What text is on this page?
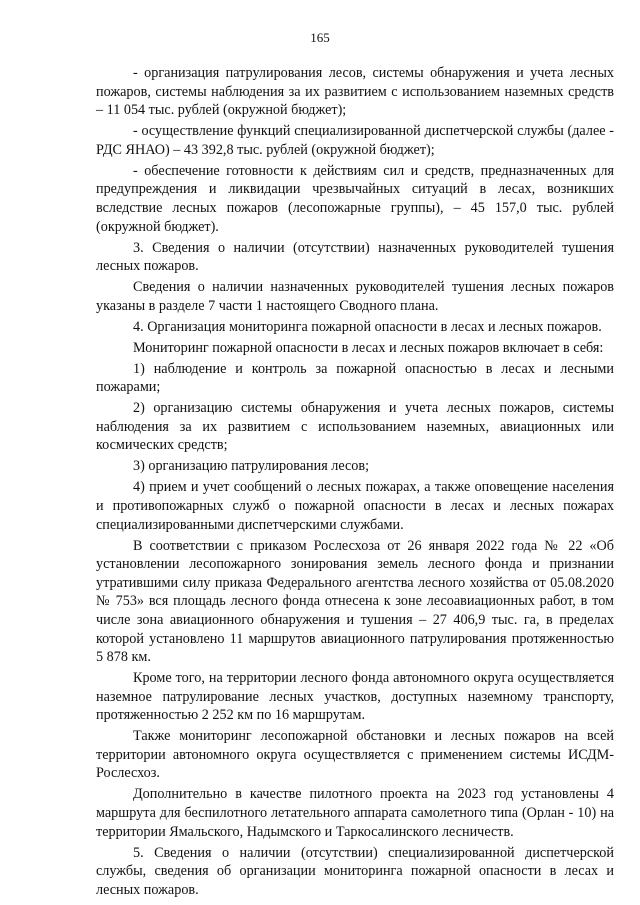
165

- организация патрулирования лесов, системы обнаружения и учета лесных пожаров, системы наблюдения за их развитием с использованием наземных средств – 11 054 тыс. рублей (окружной бюджет);

- осуществление функций специализированной диспетчерской службы (далее - РДС ЯНАО) – 43 392,8 тыс. рублей (окружной бюджет);

- обеспечение готовности к действиям сил и средств, предназначенных для предупреждения и ликвидации чрезвычайных ситуаций в лесах, возникших вследствие лесных пожаров (лесопожарные группы), – 45 157,0 тыс. рублей (окружной бюджет).

3. Сведения о наличии (отсутствии) назначенных руководителей тушения лесных пожаров.

Сведения о наличии назначенных руководителей тушения лесных пожаров указаны в разделе 7 части 1 настоящего Сводного плана.

4. Организация мониторинга пожарной опасности в лесах и лесных пожаров.

Мониторинг пожарной опасности в лесах и лесных пожаров включает в себя:

1) наблюдение и контроль за пожарной опасностью в лесах и лесными пожарами;

2) организацию системы обнаружения и учета лесных пожаров, системы наблюдения за их развитием с использованием наземных, авиационных или космических средств;

3) организацию патрулирования лесов;

4) прием и учет сообщений о лесных пожарах, а также оповещение населения и противопожарных служб о пожарной опасности в лесах и лесных пожарах специализированными диспетчерскими службами.

В соответствии с приказом Рослесхоза от 26 января 2022 года № 22 «Об установлении лесопожарного зонирования земель лесного фонда и признании утратившими силу приказа Федерального агентства лесного хозяйства от 05.08.2020 № 753» вся площадь лесного фонда отнесена к зоне лесоавиационных работ, в том числе зона авиационного обнаружения и тушения – 27 406,9 тыс. га, в пределах которой установлено 11 маршрутов авиационного патрулирования протяженностью 5 878 км.

Кроме того, на территории лесного фонда автономного округа осуществляется наземное патрулирование лесных участков, доступных наземному транспорту, протяженностью 2 252 км по 16 маршрутам.

Также мониторинг лесопожарной обстановки и лесных пожаров на всей территории автономного округа осуществляется с применением системы ИСДМ-Рослесхоз.

Дополнительно в качестве пилотного проекта на 2023 год установлены 4 маршрута для беспилотного летательного аппарата самолетного типа (Орлан - 10) на территории Ямальского, Надымского и Таркосалинского лесничеств.

5. Сведения о наличии (отсутствии) специализированной диспетчерской службы, сведения об организации мониторинга пожарной опасности в лесах и лесных пожаров.
